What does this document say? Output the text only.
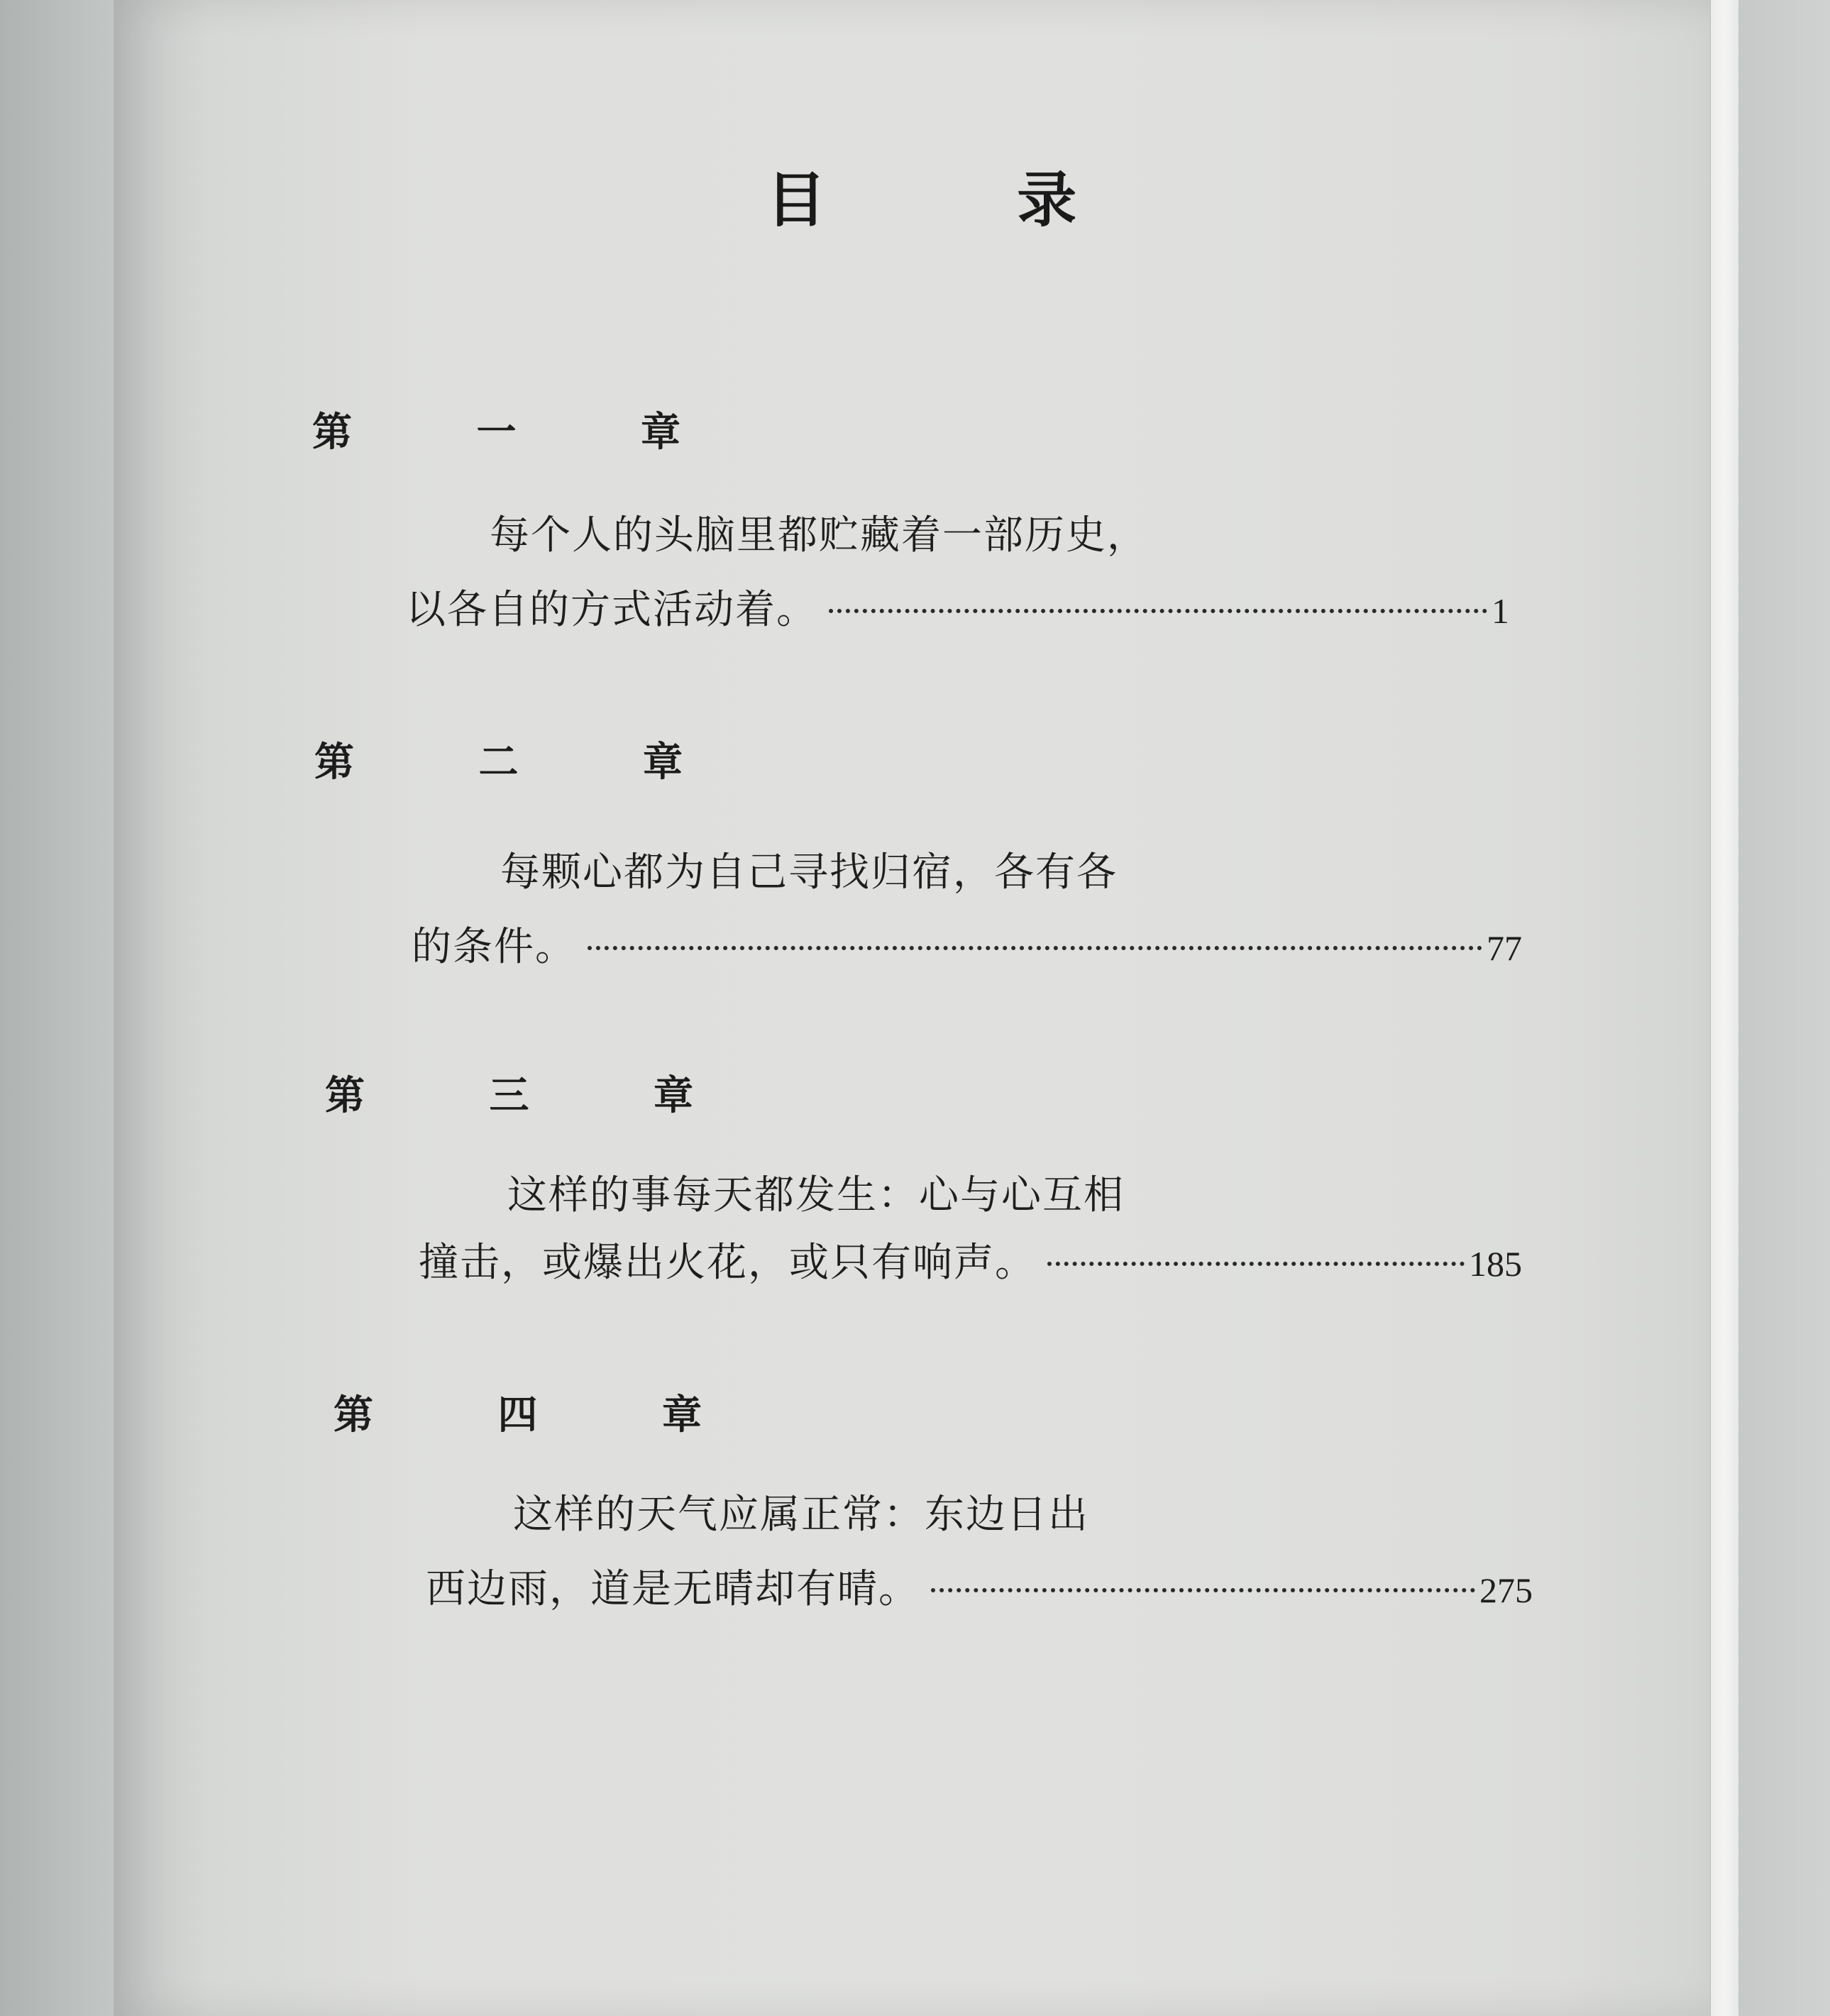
目 录
第 一 章
每个人的头脑里都贮藏着一部历史，
以各自的方式活动着。	1
第 二 章
每颗心都为自己寻找归宿，各有各
的条件。	77
第 三 章
这样的事每天都发生：心与心互相
撞击，或爆出火花，或只有响声。	185
第 四 章
这样的天气应属正常：东边日出
西边雨，道是无晴却有晴。	275
